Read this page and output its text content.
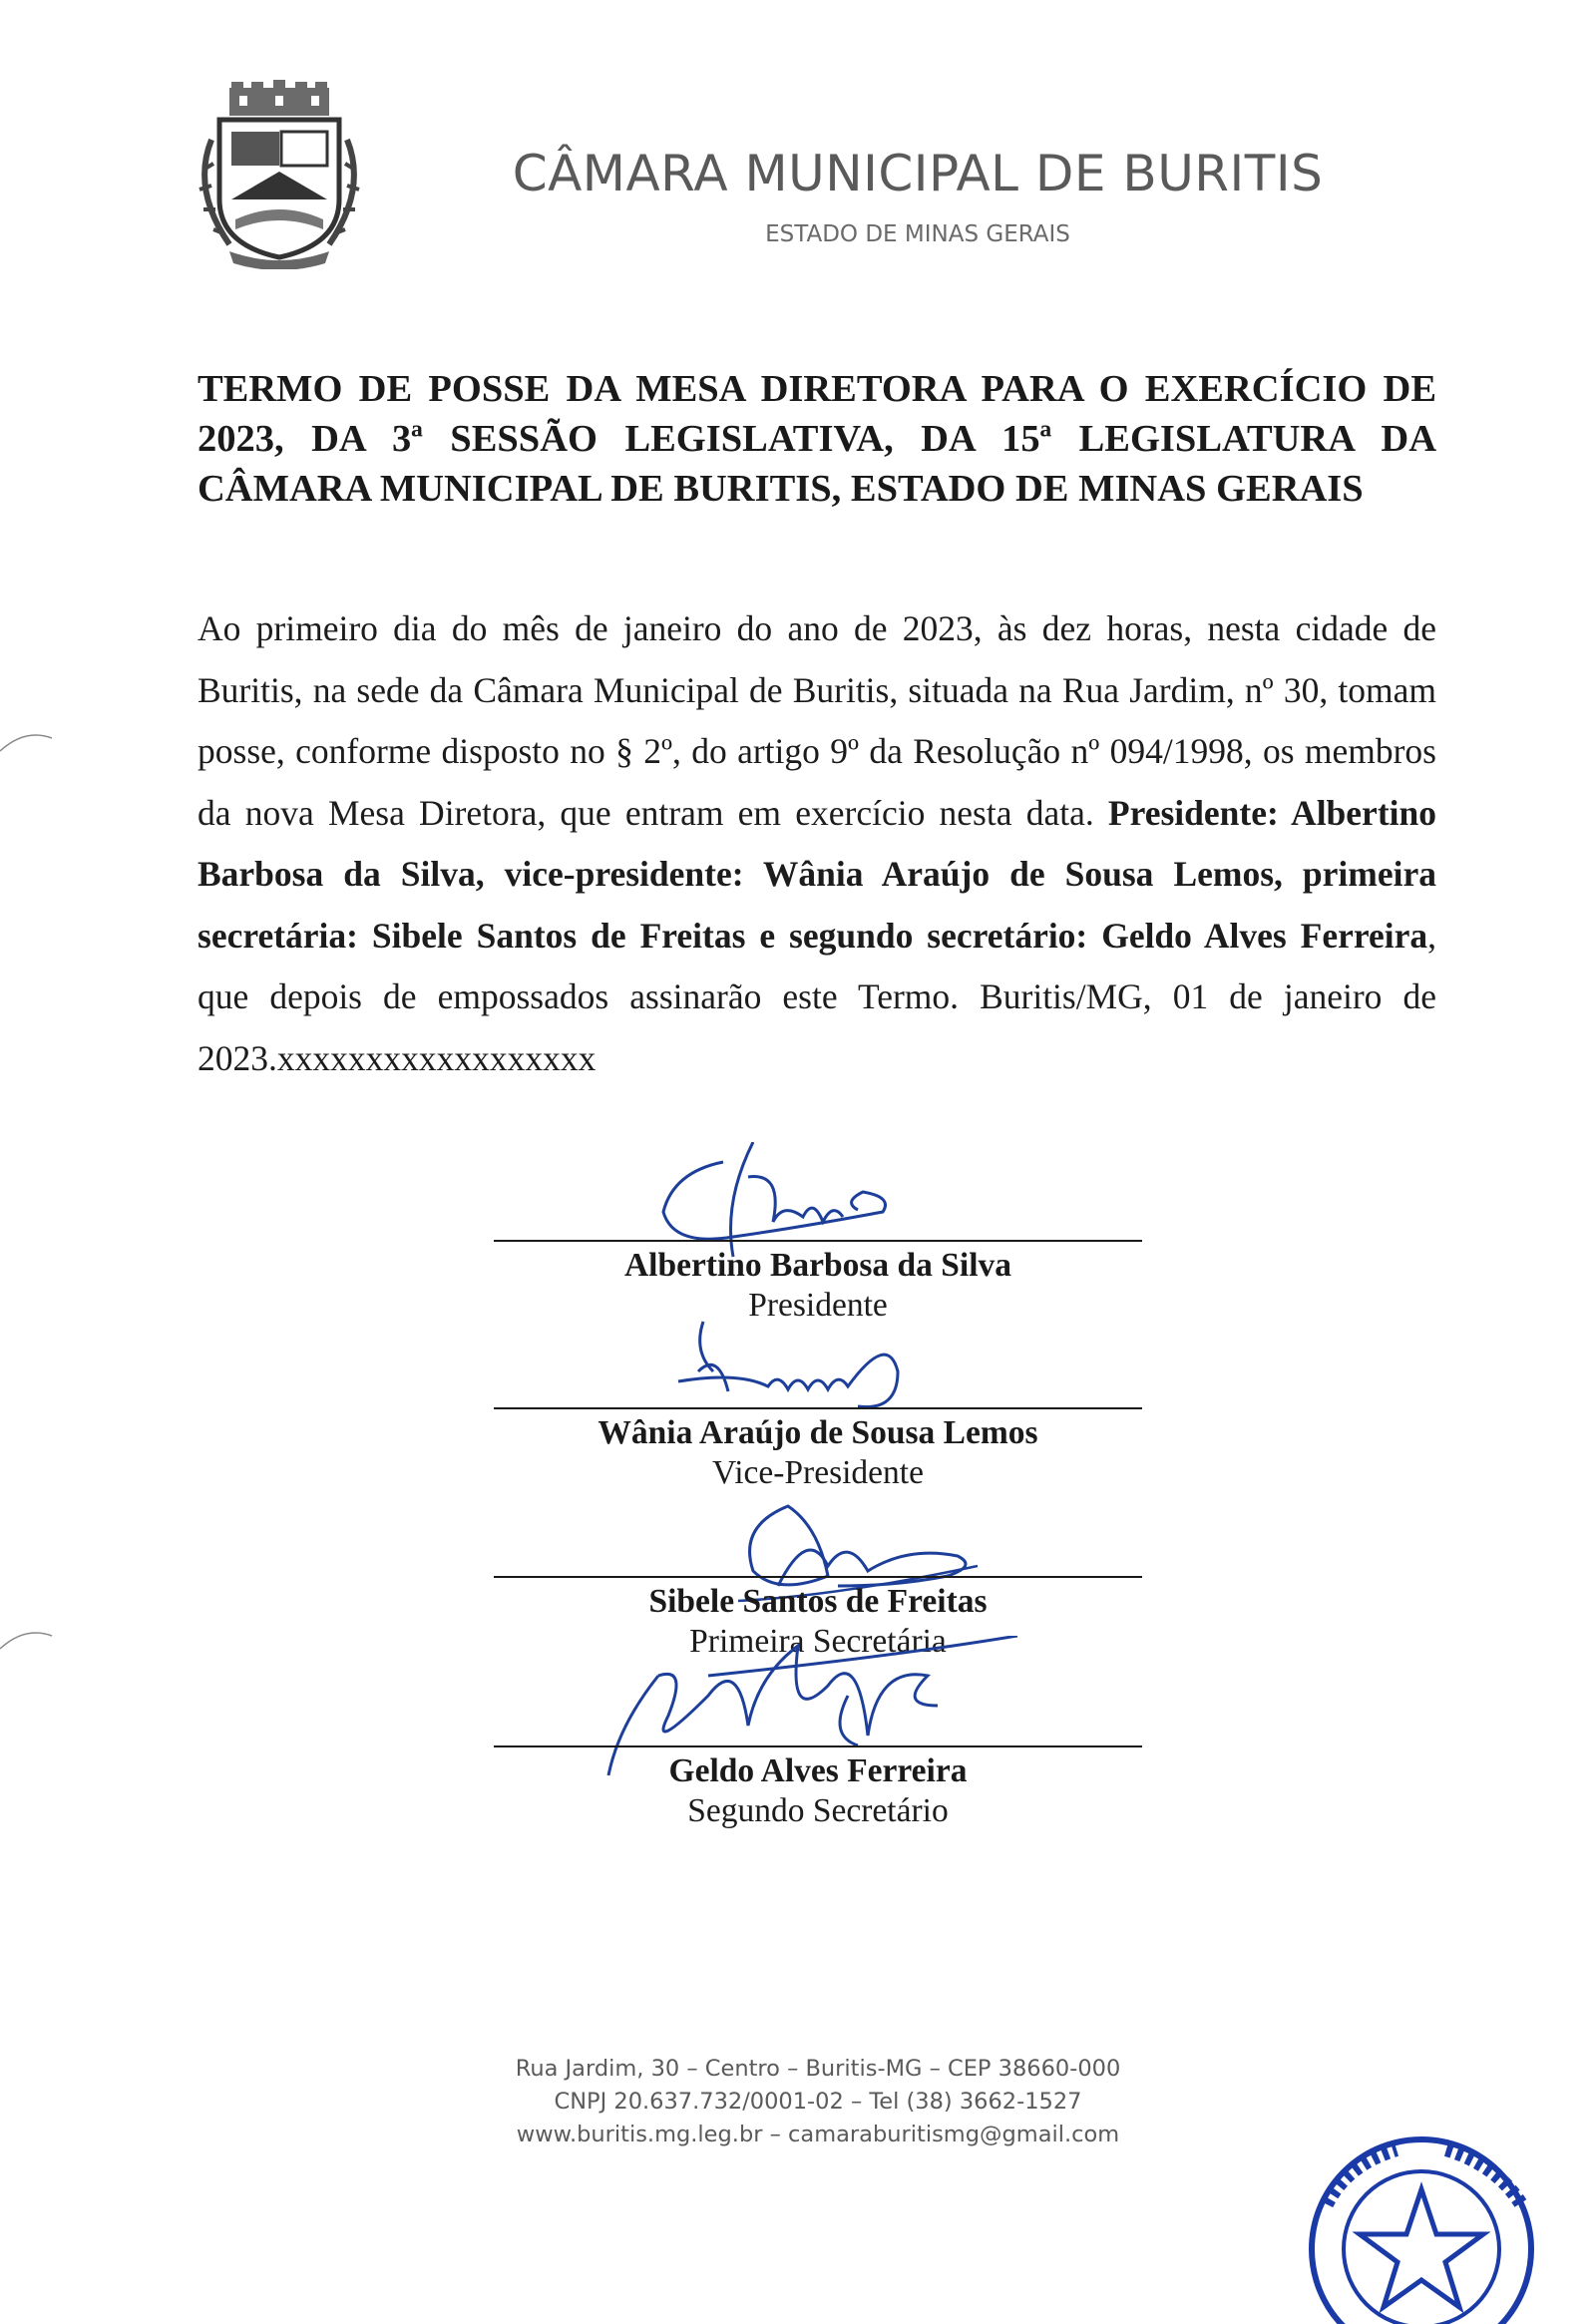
CÂMARA MUNICIPAL DE BURITIS
ESTADO DE MINAS GERAIS
TERMO DE POSSE DA MESA DIRETORA PARA O EXERCÍCIO DE 2023, DA 3ª SESSÃO LEGISLATIVA, DA 15ª LEGISLATURA DA CÂMARA MUNICIPAL DE BURITIS, ESTADO DE MINAS GERAIS
Ao primeiro dia do mês de janeiro do ano de 2023, às dez horas, nesta cidade de Buritis, na sede da Câmara Municipal de Buritis, situada na Rua Jardim, nº 30, tomam posse, conforme disposto no § 2º, do artigo 9º da Resolução nº 094/1998, os membros da nova Mesa Diretora, que entram em exercício nesta data. Presidente: Albertino Barbosa da Silva, vice-presidente: Wânia Araújo de Sousa Lemos, primeira secretária: Sibele Santos de Freitas e segundo secretário: Geldo Alves Ferreira, que depois de empossados assinarão este Termo. Buritis/MG, 01 de janeiro de 2023.xxxxxxxxxxxxxxxxxx
Albertino Barbosa da Silva
Presidente
Wânia Araújo de Sousa Lemos
Vice-Presidente
Sibele Santos de Freitas
Primeira Secretária
Geldo Alves Ferreira
Segundo Secretário
Rua Jardim, 30 – Centro – Buritis-MG – CEP 38660-000
CNPJ 20.637.732/0001-02 – Tel (38) 3662-1527
www.buritis.mg.leg.br – camaraburitismg@gmail.com
